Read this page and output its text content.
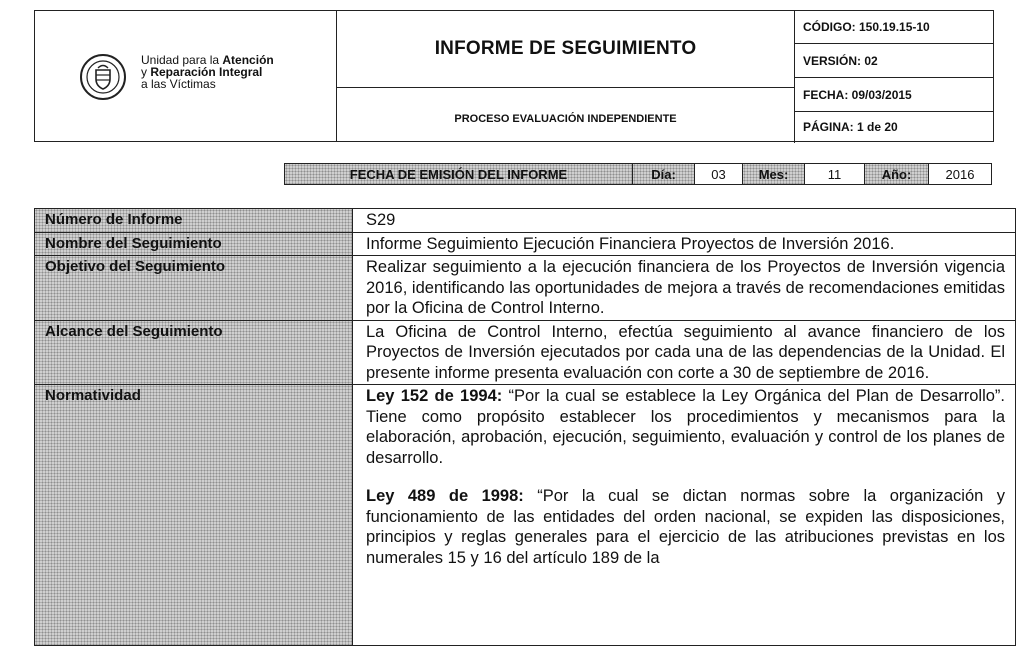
Unidad para la Atención
y Reparación Integral
a las Víctimas
INFORME DE SEGUIMIENTO
PROCESO EVALUACIÓN INDEPENDIENTE
CÓDIGO: 150.19.15-10
VERSIÓN: 02
FECHA: 09/03/2015
PÁGINA: 1 de 20
FECHA DE EMISIÓN DEL INFORME	Día:	03	Mes:	11	Año:	2016
Número de Informe	S29
Nombre del Seguimiento	Informe Seguimiento Ejecución Financiera Proyectos de Inversión 2016.
Objetivo del Seguimiento	Realizar seguimiento a la ejecución financiera de los Proyectos de Inversión vigencia 2016, identificando las oportunidades de mejora a través de recomendaciones emitidas por la Oficina de Control Interno.
Alcance del Seguimiento	La Oficina de Control Interno, efectúa seguimiento al avance financiero de los Proyectos de Inversión ejecutados por cada una de las dependencias de la Unidad. El presente informe presenta evaluación con corte a 30 de septiembre de 2016.
Normatividad	Ley 152 de 1994: “Por la cual se establece la Ley Orgánica del Plan de Desarrollo”. Tiene como propósito establecer los procedimientos y mecanismos para la elaboración, aprobación, ejecución, seguimiento, evaluación y control de los planes de desarrollo.

Ley 489 de 1998: “Por la cual se dictan normas sobre la organización y funcionamiento de las entidades del orden nacional, se expiden las disposiciones, principios y reglas generales para el ejercicio de las atribuciones previstas en los numerales 15 y 16 del artículo 189 de la
